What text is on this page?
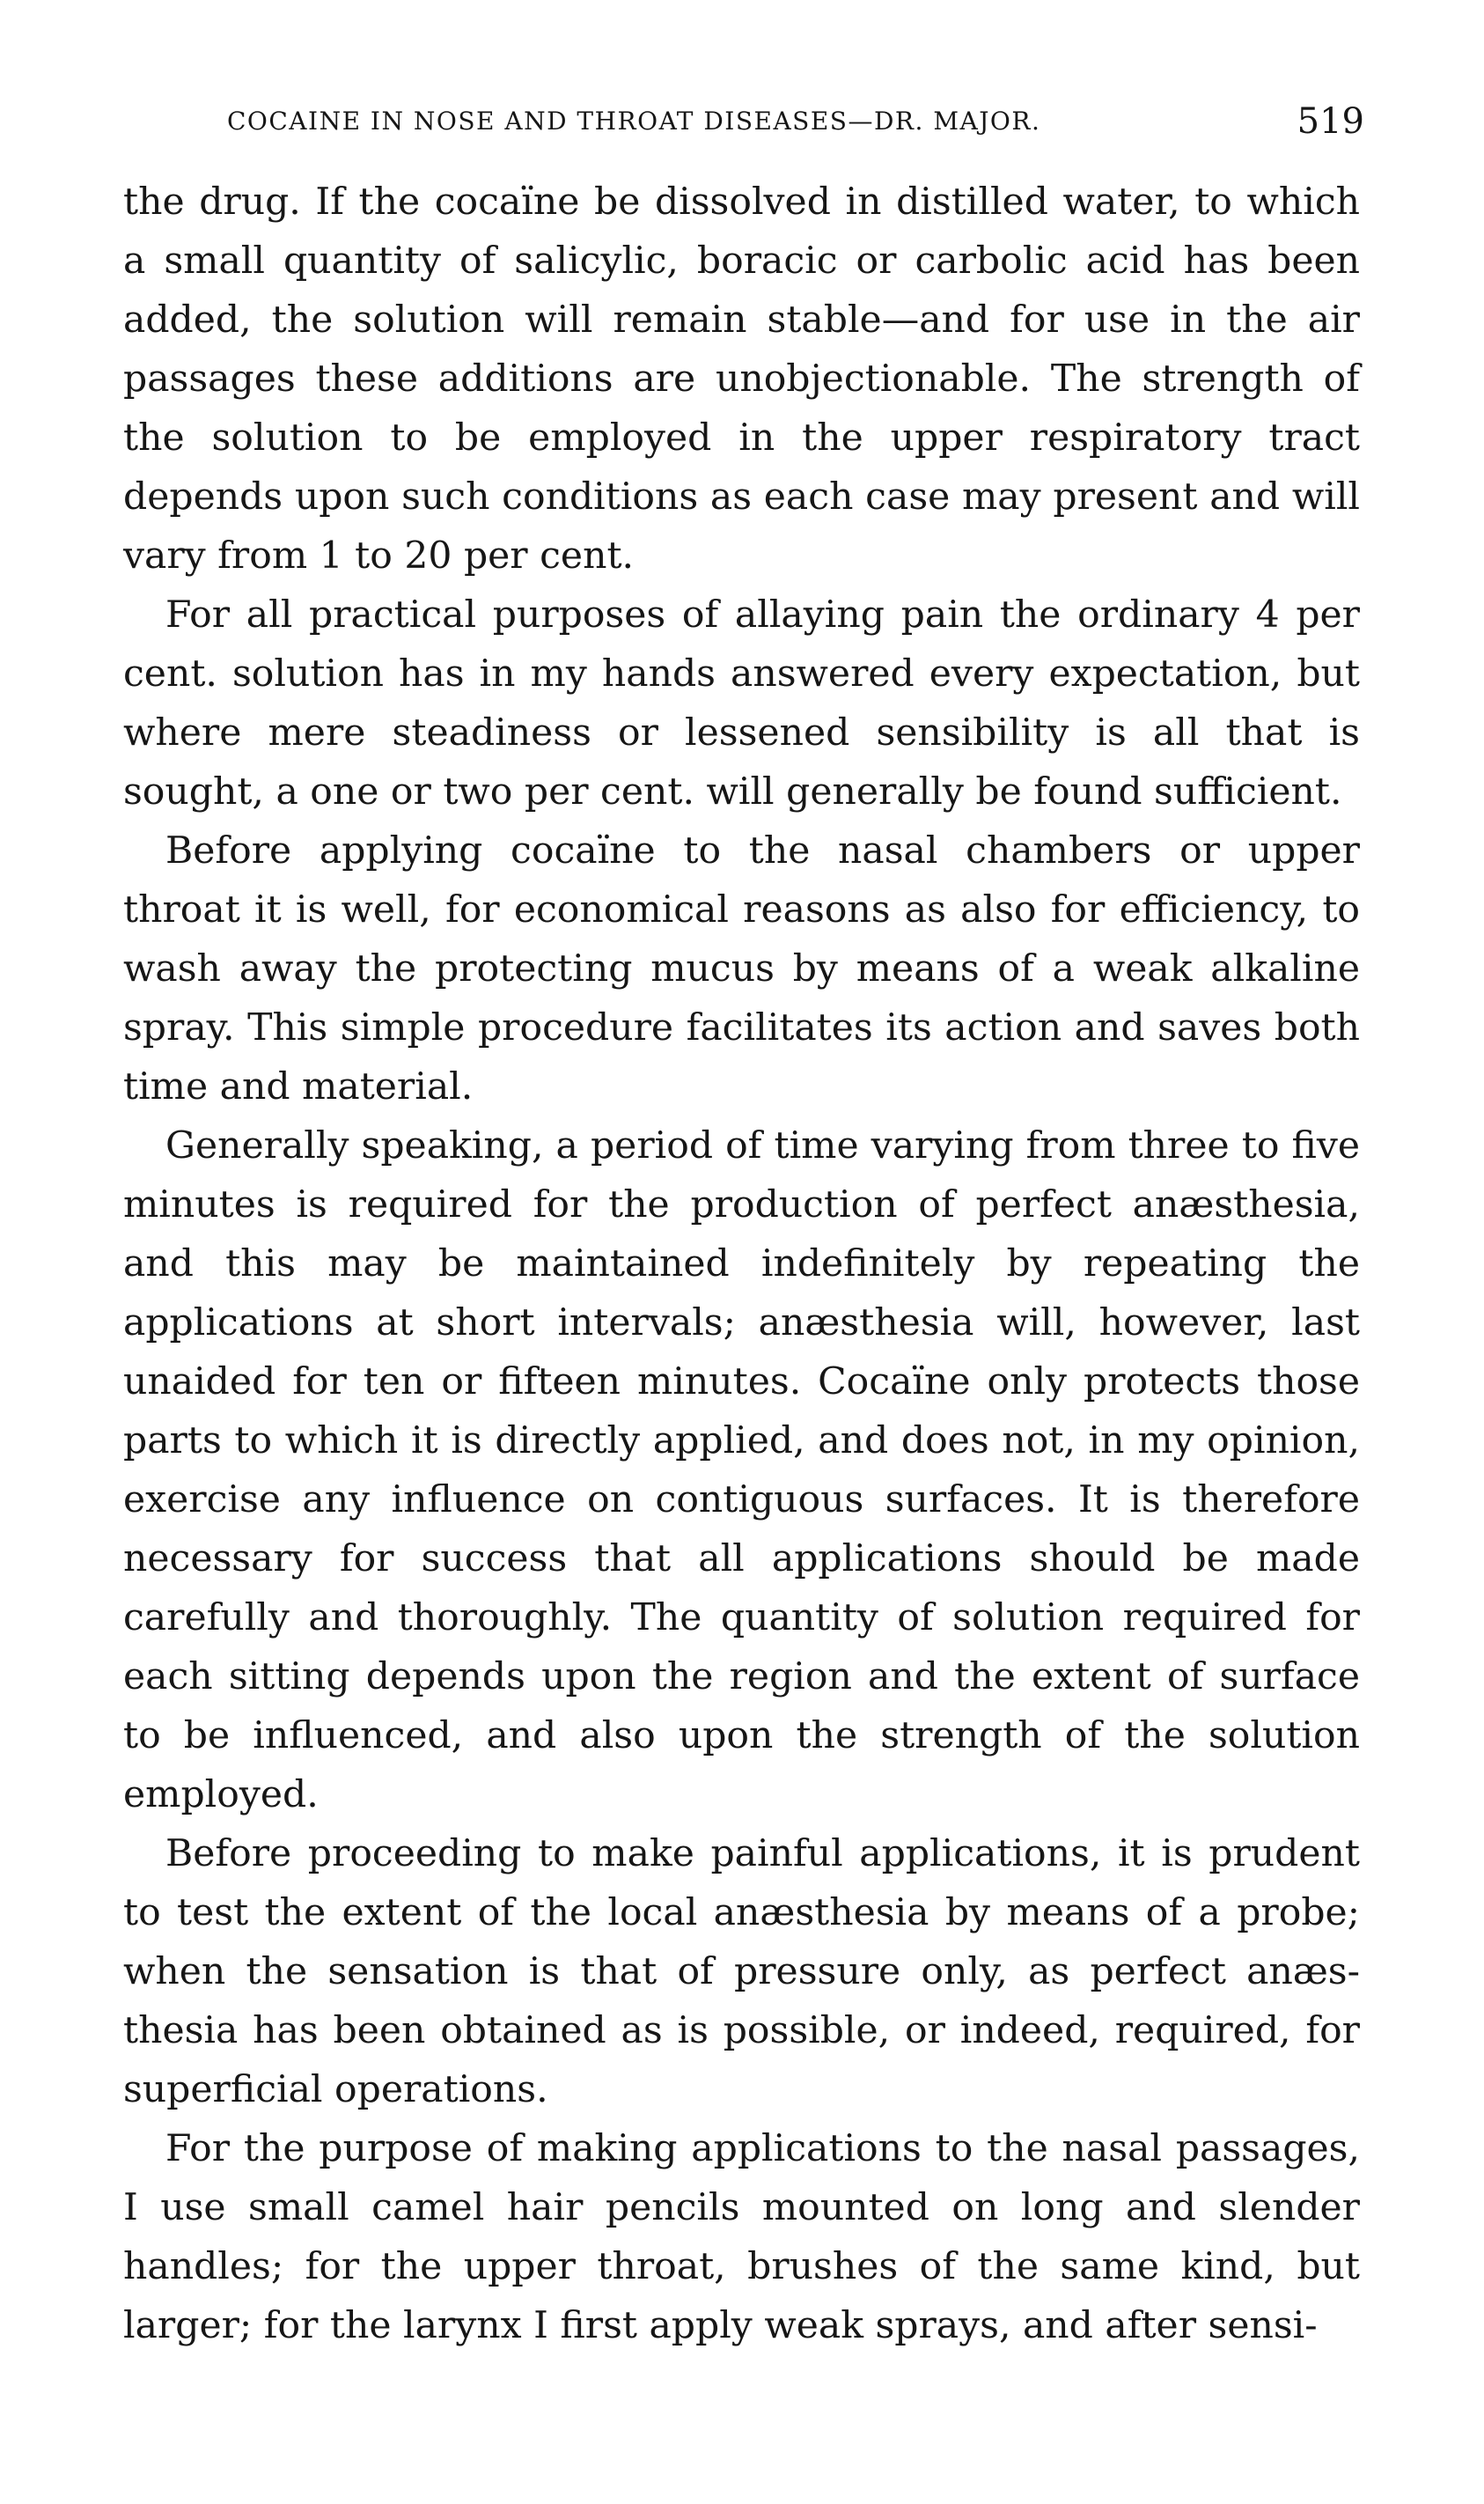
COCAINE IN NOSE AND THROAT DISEASES—DR. MAJOR.	519

the drug. If the cocaïne be dissolved in distilled water, to which a small quantity of salicylic, boracic or carbolic acid has been added, the solution will remain stable—and for use in the air passages these additions are unobjectionable. The strength of the solution to be employed in the upper respiratory tract depends upon such conditions as each case may present and will vary from 1 to 20 per cent.

For all practical purposes of allaying pain the ordinary 4 per cent. solution has in my hands answered every expectation, but where mere steadiness or lessened sensibility is all that is sought, a one or two per cent. will generally be found sufficient.

Before applying cocaïne to the nasal chambers or upper throat it is well, for economical reasons as also for efficiency, to wash away the protecting mucus by means of a weak alkaline spray. This simple procedure facilitates its action and saves both time and material.

Generally speaking, a period of time varying from three to five minutes is required for the production of perfect anæsthesia, and this may be maintained indefinitely by repeating the applications at short intervals; anæsthesia will, however, last unaided for ten or fifteen minutes. Cocaïne only protects those parts to which it is directly applied, and does not, in my opinion, exercise any influence on contiguous surfaces. It is therefore necessary for success that all applications should be made carefully and thoroughly. The quantity of solution required for each sitting depends upon the region and the extent of surface to be influenced, and also upon the strength of the solution employed.

Before proceeding to make painful applications, it is prudent to test the extent of the local anæsthesia by means of a probe; when the sensation is that of pressure only, as perfect anæsthesia has been obtained as is possible, or indeed, required, for superficial operations.

For the purpose of making applications to the nasal passages, I use small camel hair pencils mounted on long and slender handles; for the upper throat, brushes of the same kind, but larger; for the larynx I first apply weak sprays, and after sensi-
